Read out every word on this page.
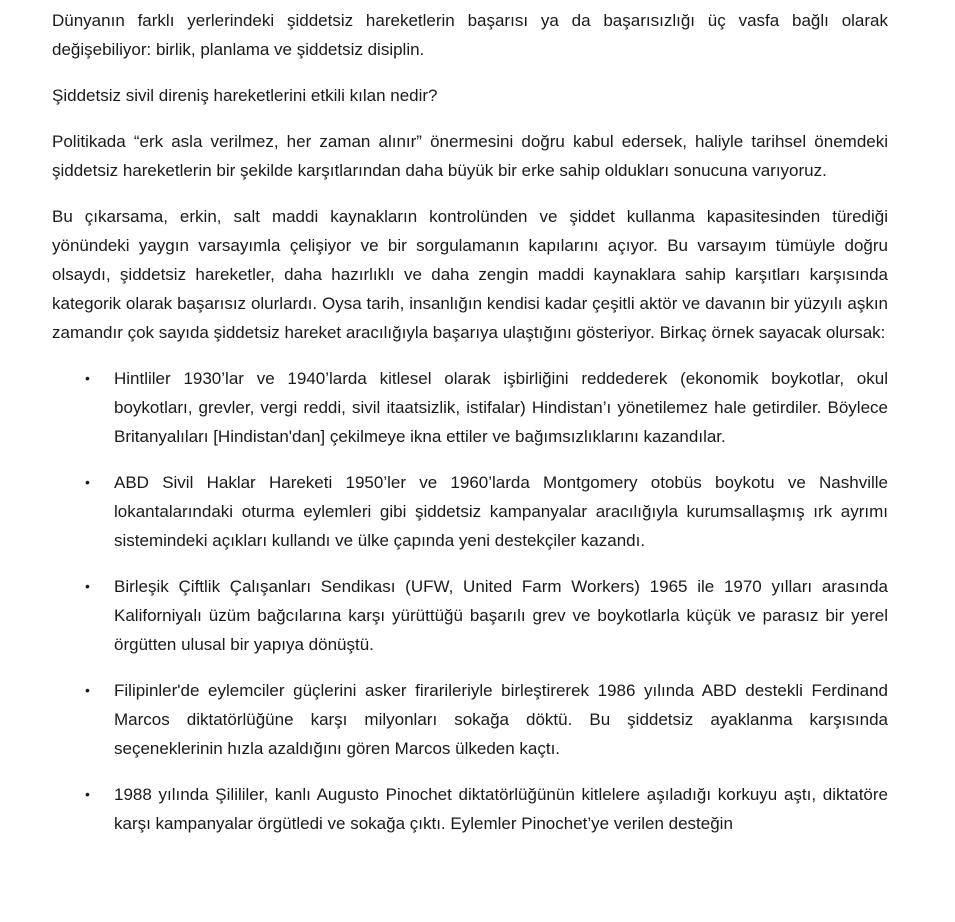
Dünyanın farklı yerlerindeki şiddetsiz hareketlerin başarısı ya da başarısızlığı üç vasfa bağlı olarak değişebiliyor: birlik, planlama ve şiddetsiz disiplin.

Şiddetsiz sivil direniş hareketlerini etkili kılan nedir?

Politikada “erk asla verilmez, her zaman alınır” önermesini doğru kabul edersek, haliyle tarihsel önemdeki şiddetsiz hareketlerin bir şekilde karşıtlarından daha büyük bir erke sahip oldukları sonucuna varıyoruz.

Bu çıkarsama, erkin, salt maddi kaynakların kontrolünden ve şiddet kullanma kapasitesinden türediği yönündeki yaygın varsayımla çelişiyor ve bir sorgulamanın kapılarını açıyor. Bu varsayım tümüyle doğru olsaydı, şiddetsiz hareketler, daha hazırlıklı ve daha zengin maddi kaynaklara sahip karşıtları karşısında kategorik olarak başarısız olurlardı. Oysa tarih, insanlığın kendisi kadar çeşitli aktör ve davanın bir yüzyılı aşkın zamandır çok sayıda şiddetsiz hareket aracılığıyla başarıya ulaştığını gösteriyor. Birkaç örnek sayacak olursak:

• Hintliler 1930’lar ve 1940’larda kitlesel olarak işbirliğini reddederek (ekonomik boykotlar, okul boykotları, grevler, vergi reddi, sivil itaatsizlik, istifalar) Hindistan’ı yönetilemez hale getirdiler. Böylece Britanyalıları [Hindistan'dan] çekilmeye ikna ettiler ve bağımsızlıklarını kazandılar.
• ABD Sivil Haklar Hareketi 1950’ler ve 1960’larda Montgomery otobüs boykotu ve Nashville lokantalarındaki oturma eylemleri gibi şiddetsiz kampanyalar aracılığıyla kurumsallaşmış ırk ayrımı sistemindeki açıkları kullandı ve ülke çapında yeni destekçiler kazandı.
• Birleşik Çiftlik Çalışanları Sendikası (UFW, United Farm Workers) 1965 ile 1970 yılları arasında Kaliforniyalı üzüm bağcılarına karşı yürüttüğü başarılı grev ve boykotlarla küçük ve parasız bir yerel örgütten ulusal bir yapıya dönüştü.
• Filipinler'de eylemciler güçlerini asker firarileriyle birleştirerek 1986 yılında ABD destekli Ferdinand Marcos diktatörlüğüne karşı milyonları sokağa döktü. Bu şiddetsiz ayaklanma karşısında seçeneklerinin hızla azaldığını gören Marcos ülkeden kaçtı.
• 1988 yılında Şilililer, kanlı Augusto Pinochet diktatörlüğünün kitlelere aşıladığı korkuyu aştı, diktatöre karşı kampanyalar örgütledi ve sokağa çıktı. Eylemler Pinochet’ye verilen desteğin
